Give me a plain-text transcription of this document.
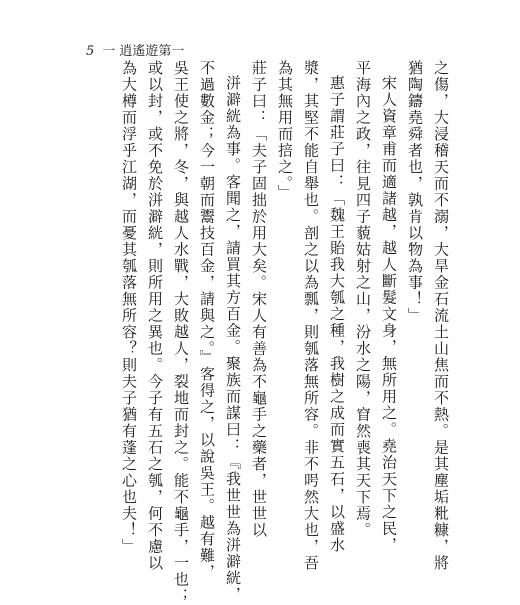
5 一 逍遙遊第一
之傷，大浸稽天而不溺，大旱金石流土山焦而不熱。是其塵垢粃糠，將
猶陶鑄堯舜者也，孰肯以物為事！」
宋人資章甫而適諸越，越人斷髮文身，無所用之。堯治天下之民，
平海內之政，往見四子藐姑射之山，汾水之陽，窅然喪其天下焉。
惠子謂莊子曰：「魏王貽我大瓠之種，我樹之成而實五石，以盛水
漿，其堅不能自舉也。剖之以為瓢，則瓠落無所容。非不呺然大也，吾
為其無用而掊之。」
莊子曰：「夫子固拙於用大矣。宋人有善為不龜手之藥者，世世以
洴澼絖為事。客聞之，請買其方百金。聚族而謀曰：『我世世為洴澼絖，
不過數金；今一朝而鬻技百金，請與之。』客得之，以說吳王。越有難，
吳王使之將，冬，與越人水戰，大敗越人，裂地而封之。能不龜手，一也；
或以封，或不免於洴澼絖，則所用之異也。今子有五石之瓠，何不慮以
為大樽而浮乎江湖，而憂其瓠落無所容？則夫子猶有蓬之心也夫！」
